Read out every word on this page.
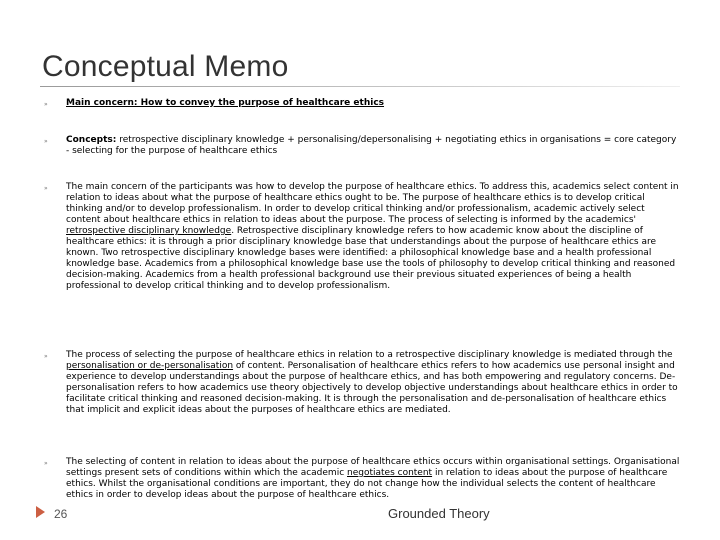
Conceptual Memo
» Main concern: How to convey the purpose of healthcare ethics
» Concepts: retrospective disciplinary knowledge + personalising/depersonalising + negotiating ethics in organisations = core category - selecting for the purpose of healthcare ethics
» The main concern of the participants was how to develop the purpose of healthcare ethics. To address this, academics select content in relation to ideas about what the purpose of healthcare ethics ought to be. The purpose of healthcare ethics is to develop critical thinking and/or to develop professionalism. In order to develop critical thinking and/or professionalism, academic actively select content about healthcare ethics in relation to ideas about the purpose. The process of selecting is informed by the academics' retrospective disciplinary knowledge. Retrospective disciplinary knowledge refers to how academic know about the discipline of healthcare ethics: it is through a prior disciplinary knowledge base that understandings about the purpose of healthcare ethics are known. Two retrospective disciplinary knowledge bases were identified: a philosophical knowledge base and a health professional knowledge base. Academics from a philosophical knowledge base use the tools of philosophy to develop critical thinking and reasoned decision-making. Academics from a health professional background use their previous situated experiences of being a health professional to develop critical thinking and to develop professionalism.
» The process of selecting the purpose of healthcare ethics in relation to a retrospective disciplinary knowledge is mediated through the personalisation or de-personalisation of content. Personalisation of healthcare ethics refers to how academics use personal insight and experience to develop understandings about the purpose of healthcare ethics, and has both empowering and regulatory concerns. De-personalisation refers to how academics use theory objectively to develop objective understandings about healthcare ethics in order to facilitate critical thinking and reasoned decision-making. It is through the personalisation and de-personalisation of healthcare ethics that implicit and explicit ideas about the purposes of healthcare ethics are mediated.
» The selecting of content in relation to ideas about the purpose of healthcare ethics occurs within organisational settings. Organisational settings present sets of conditions within which the academic negotiates content in relation to ideas about the purpose of healthcare ethics. Whilst the organisational conditions are important, they do not change how the individual selects the content of healthcare ethics in order to develop ideas about the purpose of healthcare ethics.
26	Grounded Theory
